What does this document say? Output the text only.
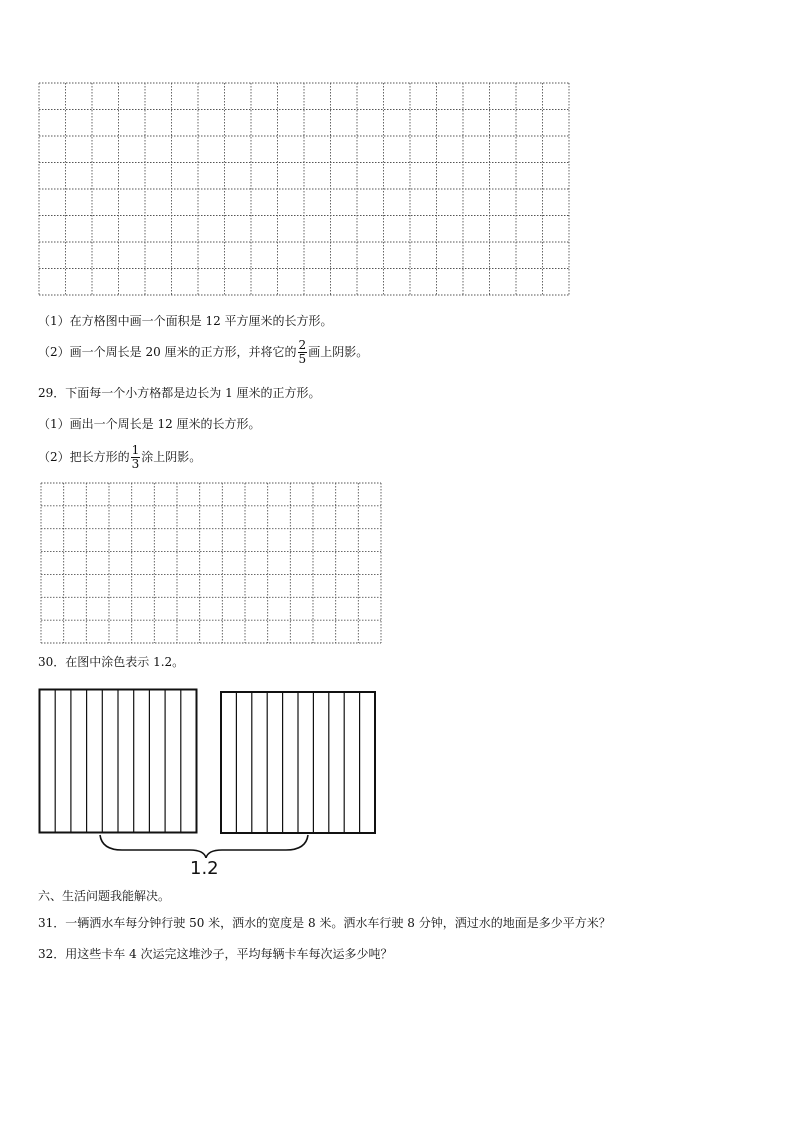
（1）在方格图中画一个面积是 12 平方厘米的长方形。
（2）画一个周长是 20 厘米的正方形，并将它的 $\frac{2}{5}$ 画上阴影。
29．下面每一个小方格都是边长为 1 厘米的正方形。
（1）画出一个周长是 12 厘米的长方形。
（2）把长方形的 $\frac{1}{3}$ 涂上阴影。
30．在图中涂色表示 1.2。
1.2
六、生活问题我能解决。
31．一辆洒水车每分钟行驶 50 米，洒水的宽度是 8 米。洒水车行驶 8 分钟，洒过水的地面是多少平方米？
32．用这些卡车 4 次运完这堆沙子，平均每辆卡车每次运多少吨？
